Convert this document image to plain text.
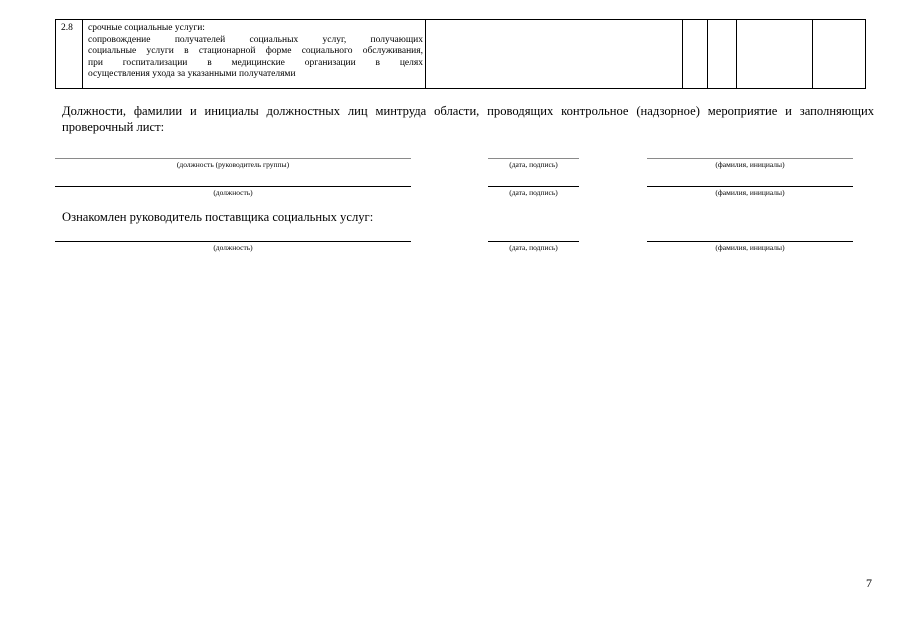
2.8 срочные социальные услуги:
сопровождение получателей социальных услуг, получающих
социальные услуги в стационарной форме социального обслуживания,
при госпитализации в медицинские организации в целях
осуществления ухода за указанными получателями
Должности, фамилии и инициалы должностных лиц минтруда области, проводящих контрольное (надзорное) мероприятие и заполняющих проверочный лист:
(должность (руководитель группы)	(дата, подпись)	(фамилия, инициалы)
(должность)	(дата, подпись)	(фамилия, инициалы)
Ознакомлен руководитель поставщика социальных услуг:
(должность)	(дата, подпись)	(фамилия, инициалы)
7
